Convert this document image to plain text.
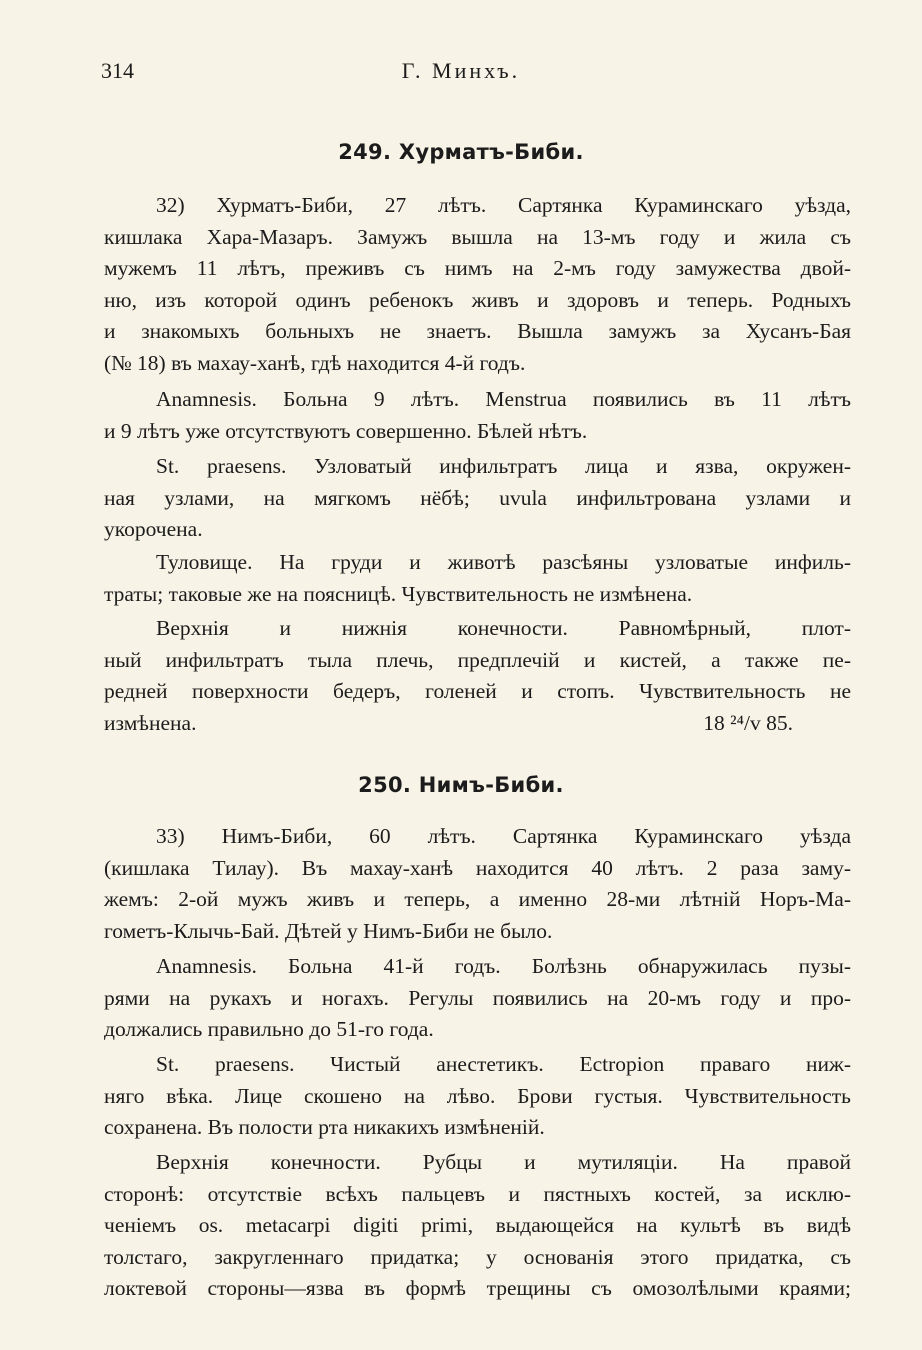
314	Г. Минхъ.
249. Хурматъ-Биби.
32) Хурматъ-Биби, 27 лѣтъ. Сартянка Кураминскаго уѣзда,
кишлака Хара-Мазаръ. Замужъ вышла на 13-мъ году и жила съ
мужемъ 11 лѣтъ, преживъ съ нимъ на 2-мъ году замужества двой-
ню, изъ которой одинъ ребенокъ живъ и здоровъ и теперь. Родныхъ
и знакомыхъ больныхъ не знаетъ. Вышла замужъ за Хусанъ-Бая
(№ 18) въ махау-ханѣ, гдѣ находится 4-й годъ.
Anamnesis. Больна 9 лѣтъ. Menstrua появились въ 11 лѣтъ
и 9 лѣтъ уже отсутствуютъ совершенно. Бѣлей нѣтъ.
St. praesens. Узловатый инфильтратъ лица и язва, окружен-
ная узлами, на мягкомъ нёбѣ; uvula инфильтрована узлами и
укорочена.
Туловище. На груди и животѣ разсѣяны узловатые инфиль-
траты; таковые же на поясницѣ. Чувствительность не измѣнена.
Верхнія и нижнія конечности. Равномѣрный, плот-
ный инфильтратъ тыла плечь, предплечій и кистей, а также пе-
редней поверхности бедеръ, голеней и стопъ. Чувствительность не
измѣнена.	18 ²⁴/v 85.
250. Нимъ-Биби.
33) Нимъ-Биби, 60 лѣтъ. Сартянка Кураминскаго уѣзда
(кишлака Тилау). Въ махау-ханѣ находится 40 лѣтъ. 2 раза заму-
жемъ: 2-ой мужъ живъ и теперь, а именно 28-ми лѣтній Норъ-Ма-
гометъ-Клычь-Бай. Дѣтей у Нимъ-Биби не было.
Anamnesis. Больна 41-й годъ. Болѣзнь обнаружилась пузы-
рями на рукахъ и ногахъ. Регулы появились на 20-мъ году и про-
должались правильно до 51-го года.
St. praesens. Чистый анестетикъ. Ectropion праваго ниж-
няго вѣка. Лице скошено на лѣво. Брови густыя. Чувствительность
сохранена. Въ полости рта никакихъ измѣненій.
Верхнія конечности. Рубцы и мутиляціи. На правой
сторонѣ: отсутствіе всѣхъ пальцевъ и пястныхъ костей, за исклю-
ченіемъ os. metacarpi digiti primi, выдающейся на культѣ въ видѣ
толстаго, закругленнаго придатка; у основанія этого придатка, съ
локтевой стороны—язва въ формѣ трещины съ омозолѣлыми краями;
